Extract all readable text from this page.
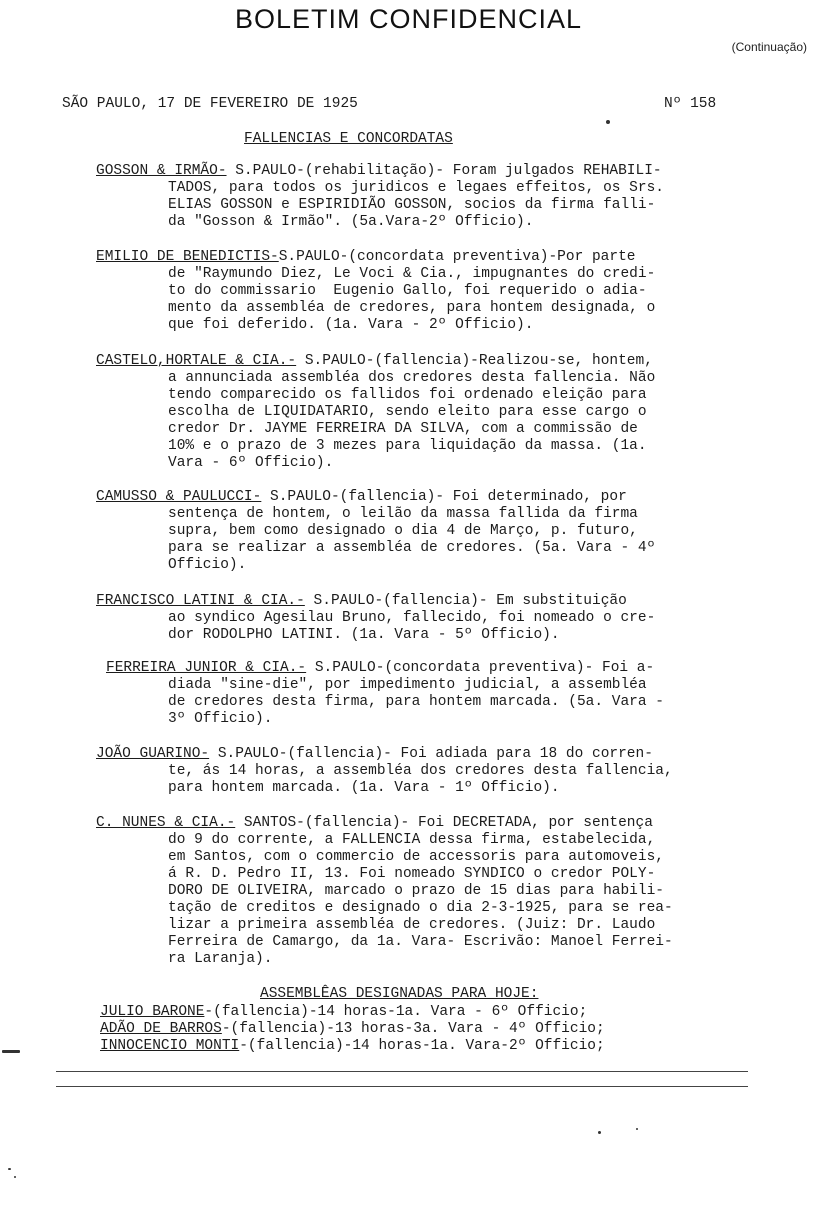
BOLETIM CONFIDENCIAL
(Continuação)
SÃO PAULO, 17 DE FEVEREIRO DE 1925	Nº 158
FALLENCIAS E CONCORDATAS
GOSSON & IRMÃO- S.PAULO-(rehabilitação)- Foram julgados REHABILI-
TADOS, para todos os juridicos e legaes effeitos, os Srs.
ELIAS GOSSON e ESPIRIDIÃO GOSSON, socios da firma falli-
da "Gosson & Irmão". (5a.Vara-2º Officio).
EMILIO DE BENEDICTIS-S.PAULO-(concordata preventiva)-Por parte
de "Raymundo Diez, Le Voci & Cia., impugnantes do credi-
to do commissario  Eugenio Gallo, foi requerido o adia-
mento da assembléa de credores, para hontem designada, o
que foi deferido. (1a. Vara - 2º Officio).
CASTELO,HORTALE & CIA.- S.PAULO-(fallencia)-Realizou-se, hontem,
a annunciada assembléa dos credores desta fallencia. Não
tendo comparecido os fallidos foi ordenado eleição para
escolha de LIQUIDATARIO, sendo eleito para esse cargo o
credor Dr. JAYME FERREIRA DA SILVA, com a commissão de
10% e o prazo de 3 mezes para liquidação da massa. (1a.
Vara - 6º Officio).
CAMUSSO & PAULUCCI- S.PAULO-(fallencia)- Foi determinado, por
sentença de hontem, o leilão da massa fallida da firma
supra, bem como designado o dia 4 de Março, p. futuro,
para se realizar a assembléa de credores. (5a. Vara - 4º
Officio).
FRANCISCO LATINI & CIA.- S.PAULO-(fallencia)- Em substituição
ao syndico Agesilau Bruno, fallecido, foi nomeado o cre-
dor RODOLPHO LATINI. (1a. Vara - 5º Officio).
FERREIRA JUNIOR & CIA.- S.PAULO-(concordata preventiva)- Foi a-
diada "sine-die", por impedimento judicial, a assembléa
de credores desta firma, para hontem marcada. (5a. Vara -
3º Officio).
JOÃO GUARINO- S.PAULO-(fallencia)- Foi adiada para 18 do corren-
te, ás 14 horas, a assembléa dos credores desta fallencia,
para hontem marcada. (1a. Vara - 1º Officio).
C. NUNES & CIA.- SANTOS-(fallencia)- Foi DECRETADA, por sentença
do 9 do corrente, a FALLENCIA dessa firma, estabelecida,
em Santos, com o commercio de accessoris para automoveis,
á R. D. Pedro II, 13. Foi nomeado SYNDICO o credor POLY-
DORO DE OLIVEIRA, marcado o prazo de 15 dias para habili-
tação de creditos e designado o dia 2-3-1925, para se rea-
lizar a primeira assembléa de credores. (Juiz: Dr. Laudo
Ferreira de Camargo, da 1a. Vara- Escrivão: Manoel Ferrei-
ra Laranja).
ASSEMBLÊAS DESIGNADAS PARA HOJE:
JULIO BARONE-(fallencia)-14 horas-1a. Vara - 6º Officio;
ADÃO DE BARROS-(fallencia)-13 horas-3a. Vara - 4º Officio;
INNOCENCIO MONTI-(fallencia)-14 horas-1a. Vara-2º Officio;
